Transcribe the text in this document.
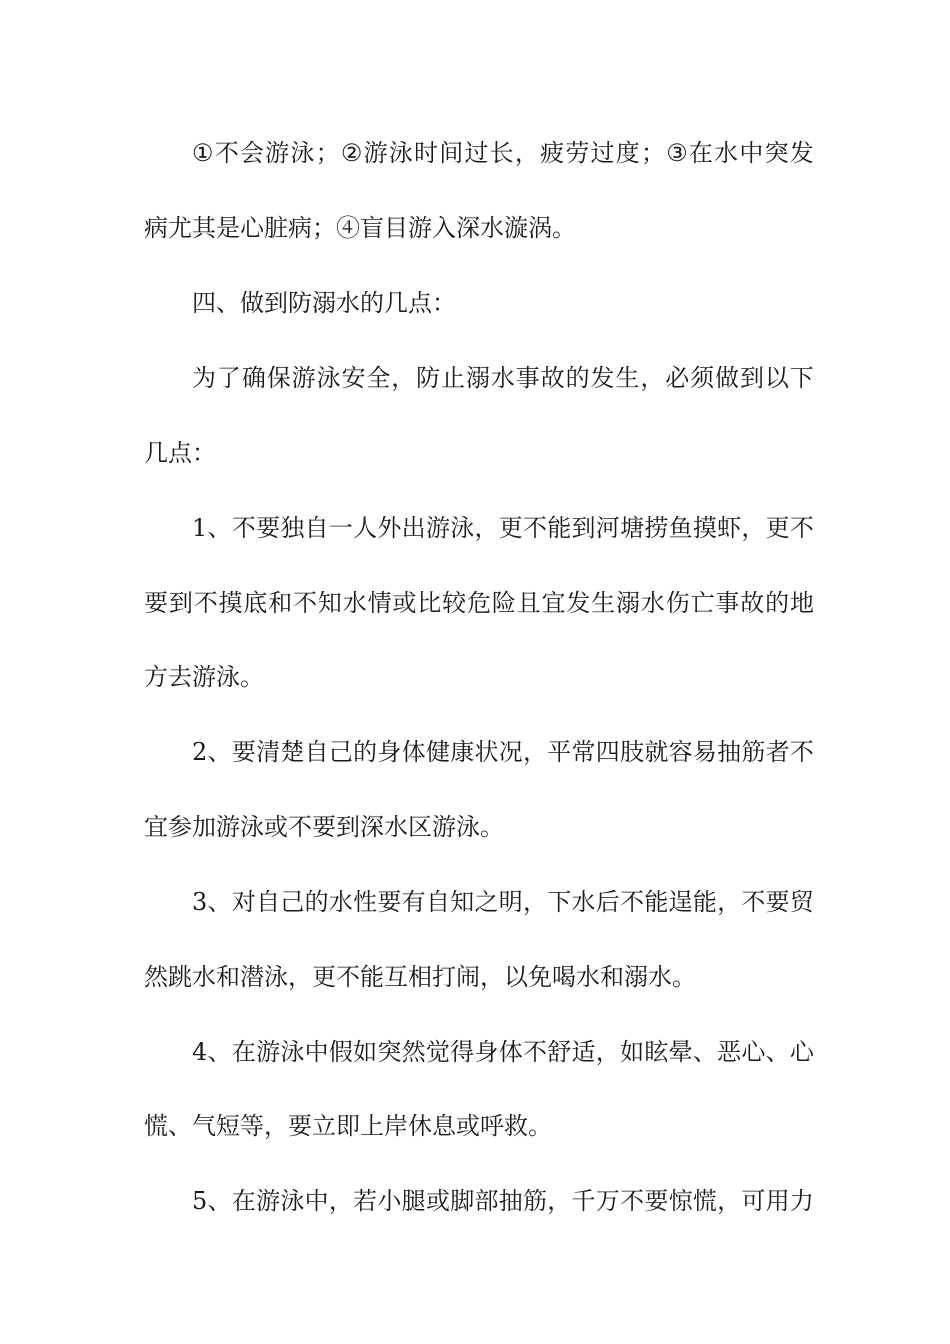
① 不 会 游 泳 ； ② 游 泳 时 间 过 长 ， 疲 劳 过 度 ； ③ 在 水 中 突 发

病尤其是心脏病；④盲目游入深水漩涡。

四、做到防溺水的几点：

为 了 确 保 游 泳 安 全 ， 防 止 溺 水 事 故 的 发 生 ， 必 须 做 到 以 下

几点：

1 、 不 要 独 自 一 人 外 出 游 泳 ， 更 不 能 到 河 塘 捞 鱼 摸 虾 ， 更 不

要 到 不 摸 底 和 不 知 水 情 或 比 较 危 险 且 宜 发 生 溺 水 伤 亡 事 故 的 地

方去游泳。

2 、 要 清 楚 自 己 的 身 体 健 康 状 况 ， 平 常 四 肢 就 容 易 抽 筋 者 不

宜参加游泳或不要到深水区游泳。

3 、 对 自 己 的 水 性 要 有 自 知 之 明 ， 下 水 后 不 能 逞 能 ， 不 要 贸

然跳水和潜泳，更不能互相打闹，以免喝水和溺水。

4 、 在 游 泳 中 假 如 突 然 觉 得 身 体 不 舒 适 ， 如 眩 晕 、 恶 心 、 心

慌、气短等，要立即上岸休息或呼救。

5 、 在 游 泳 中 ， 若 小 腿 或 脚 部 抽 筋 ， 千 万 不 要 惊 慌 ， 可 用 力
